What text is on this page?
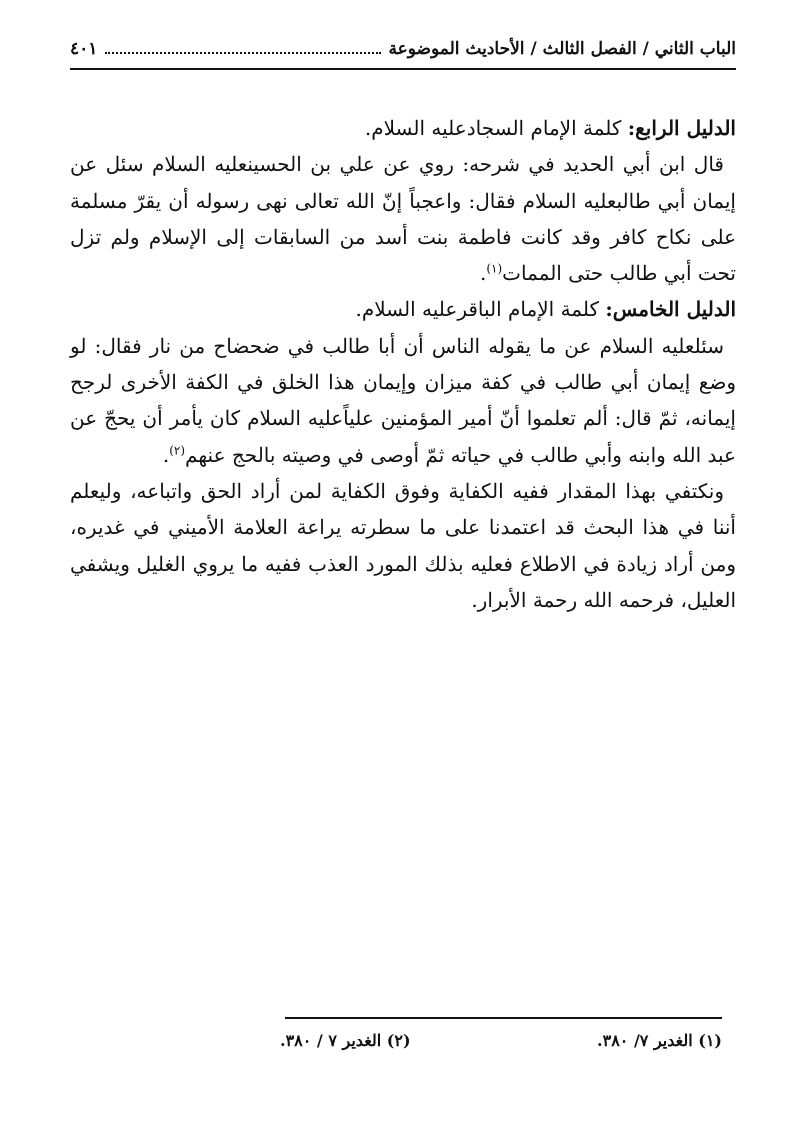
الباب الثاني / الفصل الثالث / الأحاديث الموضوعة
٤٠١

الدليل الرابع: كلمة الإمام السجادعليه السلام.

قال ابن أبي الحديد في شرحه: روي عن علي بن الحسينعليه السلام سئل عن إيمان أبي طالبعليه السلام فقال: واعجباً إنّ الله تعالى نهى رسوله أن يقرّ مسلمة على نكاح كافر وقد كانت فاطمة بنت أسد من السابقات إلى الإسلام ولم تزل تحت أبي طالب حتى الممات$^{(١)}$.

الدليل الخامس: كلمة الإمام الباقرعليه السلام.

سئلعليه السلام عن ما يقوله الناس أن أبا طالب في ضحضاح من نار فقال: لو وضع إيمان أبي طالب في كفة ميزان وإيمان هذا الخلق في الكفة الأخرى لرجح إيمانه، ثمّ قال: ألم تعلموا أنّ أمير المؤمنين علياًعليه السلام كان يأمر أن يحجّ عن عبد الله وابنه وأبي طالب في حياته ثمّ أوصى في وصيته بالحج عنهم$^{(٢)}$.

ونكتفي بهذا المقدار ففيه الكفاية وفوق الكفاية لمن أراد الحق واتباعه، وليعلم أننا في هذا البحث قد اعتمدنا على ما سطرته يراعة العلامة الأميني في غديره، ومن أراد زيادة في الاطلاع فعليه بذلك المورد العذب ففيه ما يروي الغليل ويشفي العليل، فرحمه الله رحمة الأبرار.

(١) الغدير ٧/ ٣٨٠.
(٢) الغدير ٧ / ٣٨٠.
